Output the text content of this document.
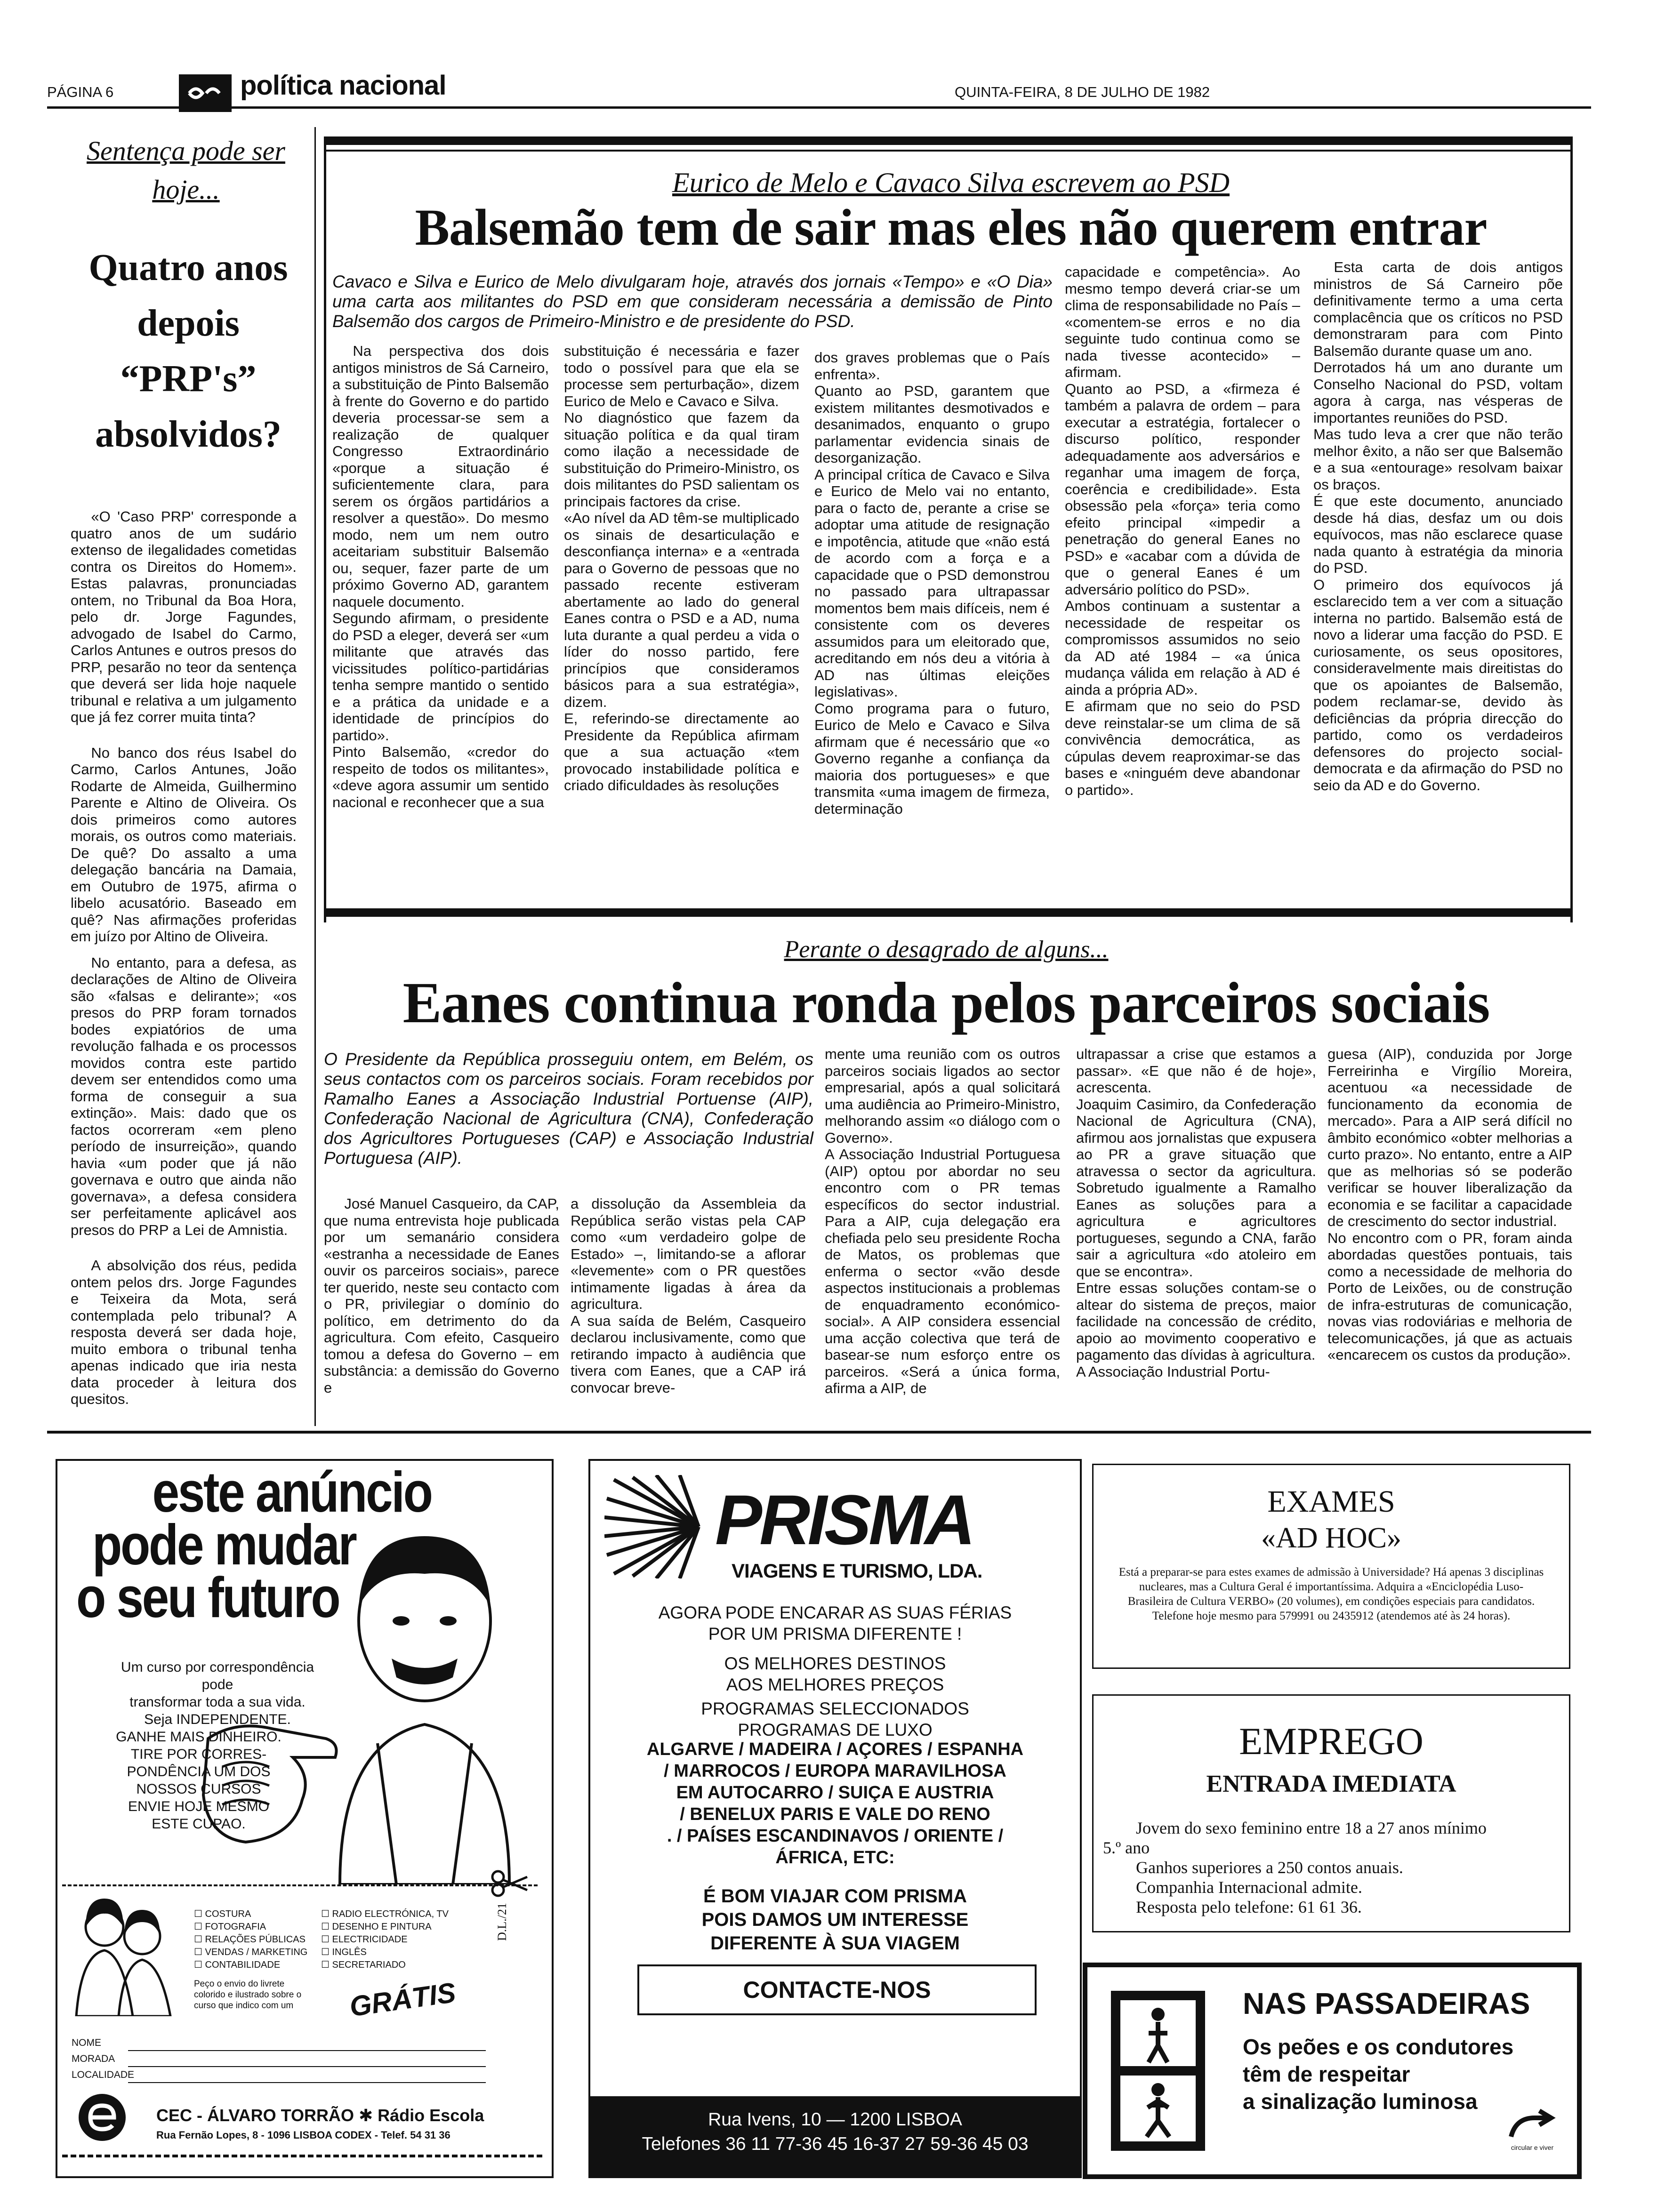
PÁGINA 6	política nacional	QUINTA-FEIRA, 8 DE JULHO DE 1982
Sentença pode ser hoje...
Quatro anos
depois
“PRP's”
absolvidos?

«O 'Caso PRP' corresponde a quatro anos de um sudário extenso de ilegalidades cometidas contra os Direitos do Homem». Estas palavras, pronunciadas ontem, no Tribunal da Boa Hora, pelo dr. Jorge Fagundes, advogado de Isabel do Carmo, Carlos Antunes e outros presos do PRP, pesarão no teor da sentença que deverá ser lida hoje naquele tribunal e relativa a um julgamento que já fez correr muita tinta?

No banco dos réus Isabel do Carmo, Carlos Antunes, João Rodarte de Almeida, Guilhermino Parente e Altino de Oliveira. Os dois primeiros como autores morais, os outros como materiais. De quê? Do assalto a uma delegação bancária na Damaia, em Outubro de 1975, afirma o libelo acusatório. Baseado em quê? Nas afirmações proferidas em juízo por Altino de Oliveira.

No entanto, para a defesa, as declarações de Altino de Oliveira são «falsas e delirante»; «os presos do PRP foram tornados bodes expiatórios de uma revolução falhada e os processos movidos contra este partido devem ser entendidos como uma forma de conseguir a sua extinção». Mais: dado que os factos ocorreram «em pleno período de insurreição», quando havia «um poder que já não governava e outro que ainda não governava», a defesa considera ser perfeitamente aplicável aos presos do PRP a Lei de Amnistia.

A absolvição dos réus, pedida ontem pelos drs. Jorge Fagundes e Teixeira da Mota, será contemplada pelo tribunal? A resposta deverá ser dada hoje, muito embora o tribunal tenha apenas indicado que iria nesta data proceder à leitura dos quesitos.

Eurico de Melo e Cavaco Silva escrevem ao PSD
Balsemão tem de sair mas eles não querem entrar
Cavaco e Silva e Eurico de Melo divulgaram hoje, através dos jornais «Tempo» e «O Dia» uma carta aos militantes do PSD em que consideram necessária a demissão de Pinto Balsemão dos cargos de Primeiro-Ministro e de presidente do PSD.

Na perspectiva dos dois antigos ministros de Sá Carneiro, a substituição de Pinto Balsemão à frente do Governo e do partido deveria processar-se sem a realização de qualquer Congresso Extraordinário «porque a situação é suficientemente clara, para serem os órgãos partidários a resolver a questão». Do mesmo modo, nem um nem outro aceitariam substituir Balsemão ou, sequer, fazer parte de um próximo Governo AD, garantem naquele documento.
Segundo afirmam, o presidente do PSD a eleger, deverá ser «um militante que através das vicissitudes político-partidárias tenha sempre mantido o sentido e a prática da unidade e a identidade de princípios do partido».
Pinto Balsemão, «credor do respeito de todos os militantes», «deve agora assumir um sentido nacional e reconhecer que a sua

substituição é necessária e fazer todo o possível para que ela se processe sem perturbação», dizem Eurico de Melo e Cavaco e Silva.
No diagnóstico que fazem da situação política e da qual tiram como ilação a necessidade de substituição do Primeiro-Ministro, os dois militantes do PSD salientam os principais factores da crise.
«Ao nível da AD têm-se multiplicado os sinais de desarticulação e desconfiança interna» e a «entrada para o Governo de pessoas que no passado recente estiveram abertamente ao lado do general Eanes contra o PSD e a AD, numa luta durante a qual perdeu a vida o líder do nosso partido, fere princípios que consideramos básicos para a sua estratégia», dizem.
E, referindo-se directamente ao Presidente da República afirmam que a sua actuação «tem provocado instabilidade política e criado dificuldades às resoluções

dos graves problemas que o País enfrenta».
Quanto ao PSD, garantem que existem militantes desmotivados e desanimados, enquanto o grupo parlamentar evidencia sinais de desorganização.
A principal crítica de Cavaco e Silva e Eurico de Melo vai no entanto, para o facto de, perante a crise se adoptar uma atitude de resignação e impotência, atitude que «não está de acordo com a força e a capacidade que o PSD demonstrou no passado para ultrapassar momentos bem mais difíceis, nem é consistente com os deveres assumidos para um eleitorado que, acreditando em nós deu a vitória à AD nas últimas eleições legislativas».
Como programa para o futuro, Eurico de Melo e Cavaco e Silva afirmam que é necessário que «o Governo reganhe a confiança da maioria dos portugueses» e que transmita «uma imagem de firmeza, determinação

capacidade e competência». Ao mesmo tempo deverá criar-se um clima de responsabilidade no País – «comentem-se erros e no dia seguinte tudo continua como se nada tivesse acontecido» – afirmam.
Quanto ao PSD, a «firmeza é também a palavra de ordem – para executar a estratégia, fortalecer o discurso político, responder adequadamente aos adversários e reganhar uma imagem de força, coerência e credibilidade». Esta obsessão pela «força» teria como efeito principal «impedir a penetração do general Eanes no PSD» e «acabar com a dúvida de que o general Eanes é um adversário político do PSD».
Ambos continuam a sustentar a necessidade de respeitar os compromissos assumidos no seio da AD até 1984 – «a única mudança válida em relação à AD é ainda a própria AD».
E afirmam que no seio do PSD deve reinstalar-se um clima de sã convivência democrática, as cúpulas devem reaproximar-se das bases e «ninguém deve abandonar o partido».

Esta carta de dois antigos ministros de Sá Carneiro põe definitivamente termo a uma certa complacência que os críticos no PSD demonstraram para com Pinto Balsemão durante quase um ano.
Derrotados há um ano durante um Conselho Nacional do PSD, voltam agora à carga, nas vésperas de importantes reuniões do PSD.
Mas tudo leva a crer que não terão melhor êxito, a não ser que Balsemão e a sua «entourage» resolvam baixar os braços.
É que este documento, anunciado desde há dias, desfaz um ou dois equívocos, mas não esclarece quase nada quanto à estratégia da minoria do PSD.
O primeiro dos equívocos já esclarecido tem a ver com a situação interna no partido. Balsemão está de novo a liderar uma facção do PSD. E curiosamente, os seus opositores, consideravelmente mais direitistas do que os apoiantes de Balsemão, podem reclamar-se, devido às deficiências da própria direcção do partido, como os verdadeiros defensores do projecto social-democrata e da afirmação do PSD no seio da AD e do Governo.

Perante o desagrado de alguns...
Eanes continua ronda pelos parceiros sociais
O Presidente da República prosseguiu ontem, em Belém, os seus contactos com os parceiros sociais. Foram recebidos por Ramalho Eanes a Associação Industrial Portuense (AIP), Confederação Nacional de Agricultura (CNA), Confederação dos Agricultores Portugueses (CAP) e Associação Industrial Portuguesa (AIP).

José Manuel Casqueiro, da CAP, que numa entrevista hoje publicada por um semanário considera «estranha a necessidade de Eanes ouvir os parceiros sociais», parece ter querido, neste seu contacto com o PR, privilegiar o domínio do político, em detrimento do da agricultura. Com efeito, Casqueiro tomou a defesa do Governo – em substância: a demissão do Governo e

a dissolução da Assembleia da República serão vistas pela CAP como «um verdadeiro golpe de Estado» –, limitando-se a aflorar «levemente» com o PR questões intimamente ligadas à área da agricultura.
A sua saída de Belém, Casqueiro declarou inclusivamente, como que retirando impacto à audiência que tivera com Eanes, que a CAP irá convocar breve-

mente uma reunião com os outros parceiros sociais ligados ao sector empresarial, após a qual solicitará uma audiência ao Primeiro-Ministro, melhorando assim «o diálogo com o Governo».
A Associação Industrial Portuguesa (AIP) optou por abordar no seu encontro com o PR temas específicos do sector industrial. Para a AIP, cuja delegação era chefiada pelo seu presidente Rocha de Matos, os problemas que enferma o sector «vão desde aspectos institucionais a problemas de enquadramento económico-social». A AIP considera essencial uma acção colectiva que terá de basear-se num esforço entre os parceiros. «Será a única forma, afirma a AIP, de

ultrapassar a crise que estamos a passar». «E que não é de hoje», acrescenta.
Joaquim Casimiro, da Confederação Nacional de Agricultura (CNA), afirmou aos jornalistas que expusera ao PR a grave situação que atravessa o sector da agricultura. Sobretudo igualmente a Ramalho Eanes as soluções para a agricultura e agricultores portugueses, segundo a CNA, farão sair a agricultura «do atoleiro em que se encontra».
Entre essas soluções contam-se o altear do sistema de preços, maior facilidade na concessão de crédito, apoio ao movimento cooperativo e pagamento das dívidas à agricultura.
A Associação Industrial Portu-

guesa (AIP), conduzida por Jorge Ferreirinha e Virgílio Moreira, acentuou «a necessidade de funcionamento da economia de mercado». Para a AIP será difícil no âmbito económico «obter melhorias a curto prazo». No entanto, entre a AIP que as melhorias só se poderão verificar se houver liberalização da economia e se facilitar a capacidade de crescimento do sector industrial.
No encontro com o PR, foram ainda abordadas questões pontuais, tais como a necessidade de melhoria do Porto de Leixões, ou de construção de infra-estruturas de comunicação, novas vias rodoviárias e melhoria de telecomunicações, já que as actuais «encarecem os custos da produção».

este anúncio
pode mudar
o seu futuro
Um curso por correspondência pode
transformar toda a sua vida.
Seja INDEPENDENTE.
GANHE MAIS DINHEIRO.
TIRE POR CORRES-
PONDÊNCIA UM DOS
NOSSOS CURSOS
ENVIE HOJE MESMO
ESTE CUPAO.
☐ COSTURA
☐ FOTOGRAFIA
☐ RELAÇÕES PÚBLICAS
☐ VENDAS / MARKETING
☐ CONTABILIDADE
☐ RADIO ELECTRÓNICA, TV
☐ DESENHO E PINTURA
☐ ELECTRICIDADE
☐ INGLÊS
☐ SECRETARIADO
D.L./21
Peço o envio do livrete colorido e ilustrado sobre o curso que indico com um	GRÁTIS
NOME
MORADA
LOCALIDADE
CEC - ÁLVARO TORRÃO ✱ Rádio Escola
Rua Fernão Lopes, 8 - 1096 LISBOA CODEX - Telef. 54 31 36
PRISMA
VIAGENS E TURISMO, LDA.
AGORA PODE ENCARAR AS SUAS FÉRIAS
POR UM PRISMA DIFERENTE !
OS MELHORES DESTINOS
AOS MELHORES PREÇOS
PROGRAMAS SELECCIONADOS
PROGRAMAS DE LUXO
ALGARVE / MADEIRA / AÇORES / ESPANHA
/ MARROCOS / EUROPA MARAVILHOSA
EM AUTOCARRO / SUIÇA E AUSTRIA
/ BENELUX PARIS E VALE DO RENO
. / PAÍSES ESCANDINAVOS / ORIENTE /
ÁFRICA, ETC:
É BOM VIAJAR COM PRISMA
POIS DAMOS UM INTERESSE
DIFERENTE À SUA VIAGEM
CONTACTE-NOS
Rua Ivens, 10 — 1200 LISBOA
Telefones 36 11 77-36 45 16-37 27 59-36 45 03
EXAMES
«AD HOC»
Está a preparar-se para estes exames de admissão à Universidade? Há apenas 3 disciplinas nucleares, mas a Cultura Geral é importantíssima. Adquira a «Enciclopédia Luso-Brasileira de Cultura VERBO» (20 volumes), em condições especiais para candidatos. Telefone hoje mesmo para 579991 ou 2435912 (atendemos até às 24 horas).
EMPREGO
ENTRADA IMEDIATA
Jovem do sexo feminino entre 18 a 27 anos mínimo
5.º ano
Ganhos superiores a 250 contos anuais.
Companhia Internacional admite.
Resposta pelo telefone: 61 61 36.
NAS PASSADEIRAS
Os peões e os condutores
têm de respeitar
a sinalização luminosa
circular e viver
